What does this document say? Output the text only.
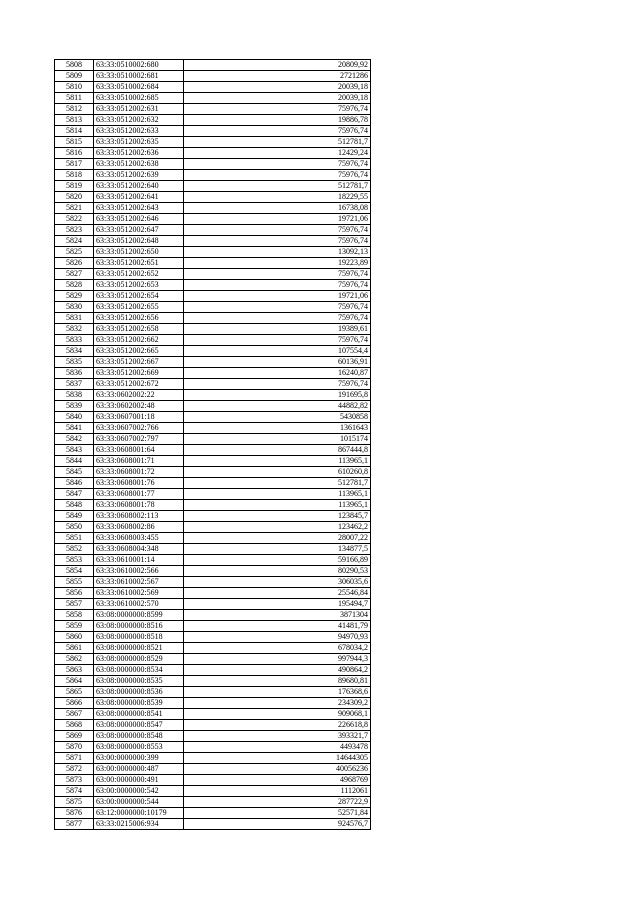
5808	63:33:0510002:680	20809,92
5809	63:33:0510002:681	2721286
5810	63:33:0510002:684	20039,18
5811	63:33:0510002:685	20039,18
5812	63:33:0512002:631	75976,74
5813	63:33:0512002:632	19886,78
5814	63:33:0512002:633	75976,74
5815	63:33:0512002:635	512781,7
5816	63:33:0512002:636	12429,24
5817	63:33:0512002:638	75976,74
5818	63:33:0512002:639	75976,74
5819	63:33:0512002:640	512781,7
5820	63:33:0512002:641	18229,55
5821	63:33:0512002:643	16738,08
5822	63:33:0512002:646	19721,06
5823	63:33:0512002:647	75976,74
5824	63:33:0512002:648	75976,74
5825	63:33:0512002:650	13092,13
5826	63:33:0512002:651	19223,89
5827	63:33:0512002:652	75976,74
5828	63:33:0512002:653	75976,74
5829	63:33:0512002:654	19721,06
5830	63:33:0512002:655	75976,74
5831	63:33:0512002:656	75976,74
5832	63:33:0512002:658	19389,61
5833	63:33:0512002:662	75976,74
5834	63:33:0512002:665	107554,4
5835	63:33:0512002:667	60136,91
5836	63:33:0512002:669	16240,87
5837	63:33:0512002:672	75976,74
5838	63:33:0602002:22	191695,8
5839	63:33:0602002:48	44882,82
5840	63:33:0607001:18	5430858
5841	63:33:0607002:766	1361643
5842	63:33:0607002:797	1015174
5843	63:33:0608001:64	867444,8
5844	63:33:0608001:71	113965,1
5845	63:33:0608001:72	610260,8
5846	63:33:0608001:76	512781,7
5847	63:33:0608001:77	113965,1
5848	63:33:0608001:78	113965,1
5849	63:33:0608002:113	123845,7
5850	63:33:0608002:86	123462,2
5851	63:33:0608003:455	28007,22
5852	63:33:0608004:348	134877,5
5853	63:33:0610001:14	59166,89
5854	63:33:0610002:566	80290,53
5855	63:33:0610002:567	306035,6
5856	63:33:0610002:569	25546,84
5857	63:33:0610002:570	195494,7
5858	63:08:0000000:8599	3871304
5859	63:08:0000000:8516	41481,79
5860	63:08:0000000:8518	94970,93
5861	63:08:0000000:8521	678034,2
5862	63:08:0000000:8529	997944,3
5863	63:08:0000000:8534	490864,2
5864	63:08:0000000:8535	89680,81
5865	63:08:0000000:8536	176368,6
5866	63:08:0000000:8539	234309,2
5867	63:08:0000000:8541	909068,1
5868	63:08:0000000:8547	226618,8
5869	63:08:0000000:8548	393321,7
5870	63:08:0000000:8553	4493478
5871	63:00:0000000:399	14644305
5872	63:00:0000000:487	40056236
5873	63:00:0000000:491	4968769
5874	63:00:0000000:542	1112061
5875	63:00:0000000:544	287722,9
5876	63:12:0000000:10179	52571,84
5877	63:33:0215006:934	924576,7
